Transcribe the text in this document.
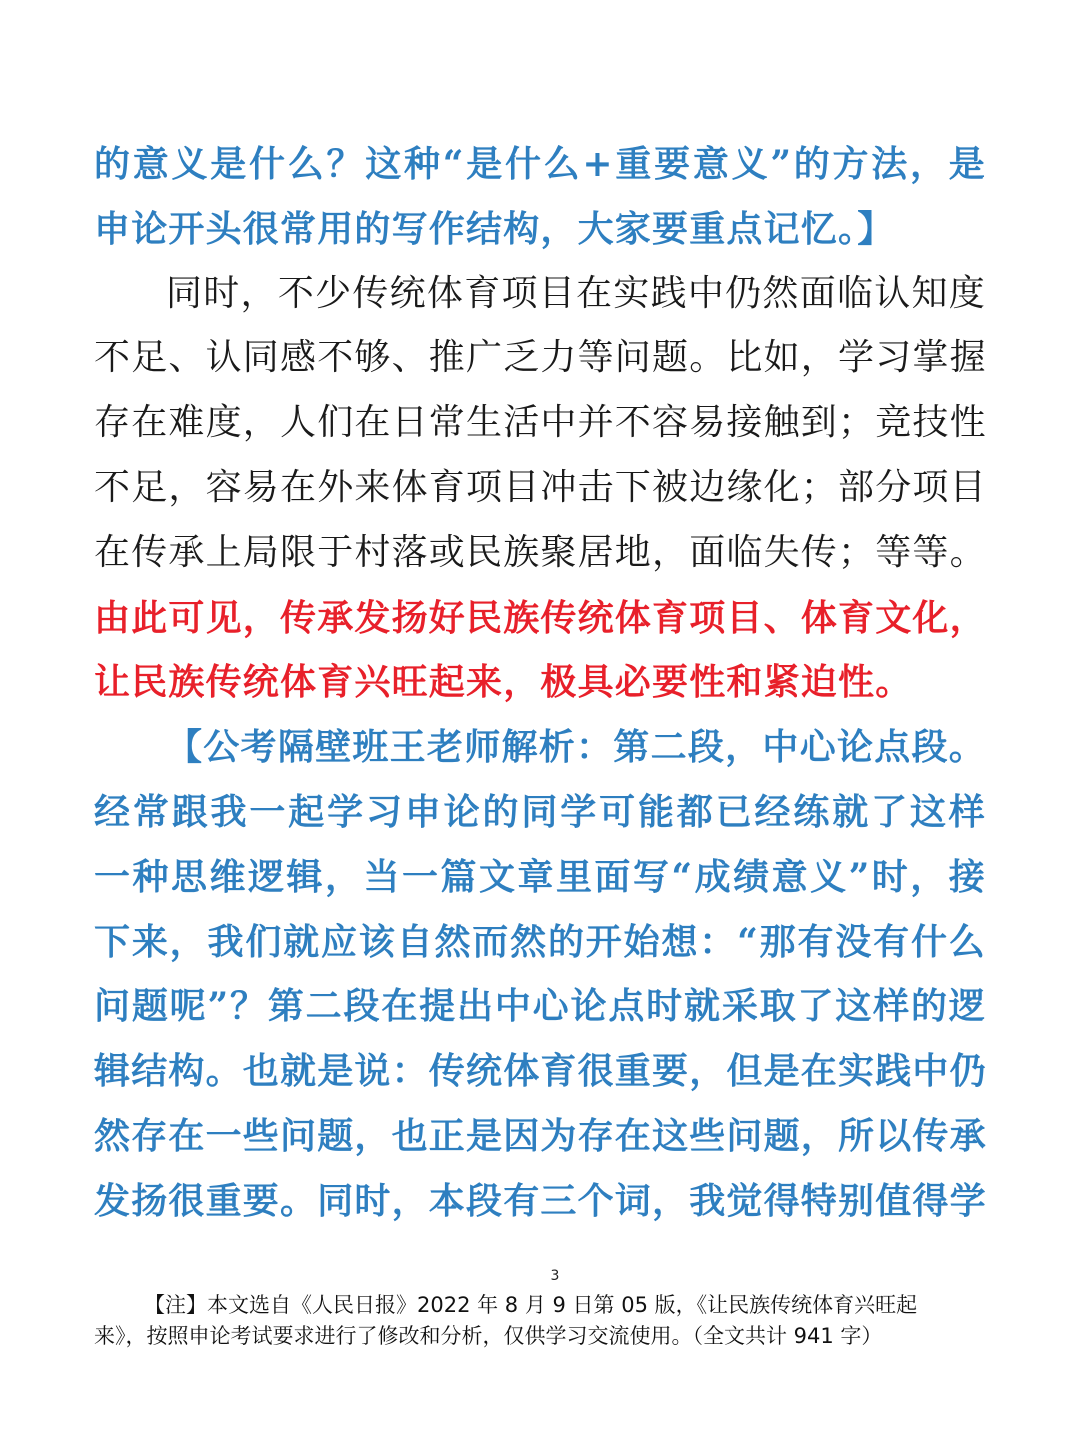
的意义是什么？这种“是什么+重要意义”的方法，是
申论开头很常用的写作结构，大家要重点记忆。】
同时，不少传统体育项目在实践中仍然面临认知度
不足、认同感不够、推广乏力等问题。比如，学习掌握
存在难度，人们在日常生活中并不容易接触到；竞技性
不足，容易在外来体育项目冲击下被边缘化；部分项目
在传承上局限于村落或民族聚居地，面临失传；等等。
由此可见，传承发扬好民族传统体育项目、体育文化，
让民族传统体育兴旺起来，极具必要性和紧迫性。
【公考隔壁班王老师解析：第二段，中心论点段。
经常跟我一起学习申论的同学可能都已经练就了这样
一种思维逻辑，当一篇文章里面写“成绩意义”时，接
下来，我们就应该自然而然的开始想：“那有没有什么
问题呢”？第二段在提出中心论点时就采取了这样的逻
辑结构。也就是说：传统体育很重要，但是在实践中仍
然存在一些问题，也正是因为存在这些问题，所以传承
发扬很重要。同时，本段有三个词，我觉得特别值得学
3
【注】本文选自《人民日报》2022 年 8 月 9 日第 05 版，《让民族传统体育兴旺起
来》，按照申论考试要求进行了修改和分析，仅供学习交流使用。（全文共计 941 字）
